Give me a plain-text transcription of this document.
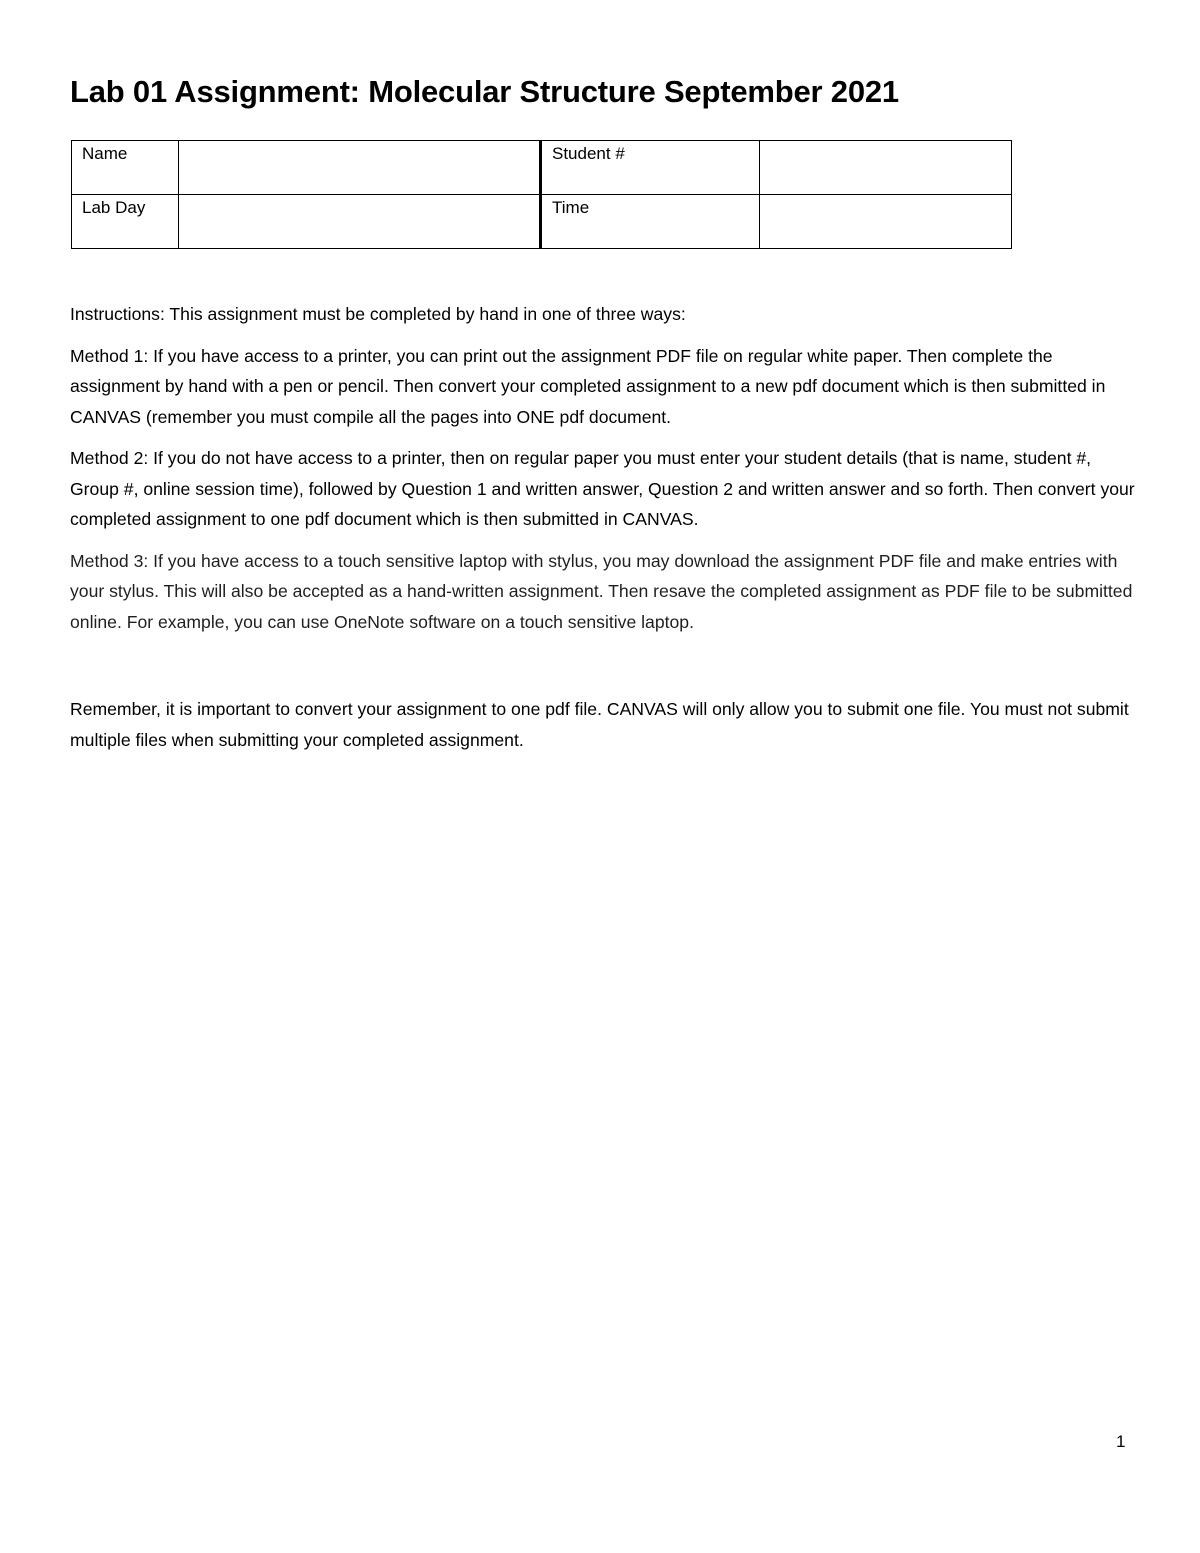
Lab 01 Assignment: Molecular Structure September 2021
Name		Student #	
Lab Day		Time	

Instructions: This assignment must be completed by hand in one of three ways:

Method 1: If you have access to a printer, you can print out the assignment PDF file on regular white paper. Then complete the assignment by hand with a pen or pencil. Then convert your completed assignment to a new pdf document which is then submitted in CANVAS (remember you must compile all the pages into ONE pdf document.

Method 2: If you do not have access to a printer, then on regular paper you must enter your student details (that is name, student #, Group #, online session time), followed by Question 1 and written answer, Question 2 and written answer and so forth. Then convert your completed assignment to one pdf document which is then submitted in CANVAS.

Method 3: If you have access to a touch sensitive laptop with stylus, you may download the assignment PDF file and make entries with your stylus. This will also be accepted as a hand-written assignment. Then resave the completed assignment as PDF file to be submitted online. For example, you can use OneNote software on a touch sensitive laptop.

Remember, it is important to convert your assignment to one pdf file. CANVAS will only allow you to submit one file. You must not submit multiple files when submitting your completed assignment.

1
